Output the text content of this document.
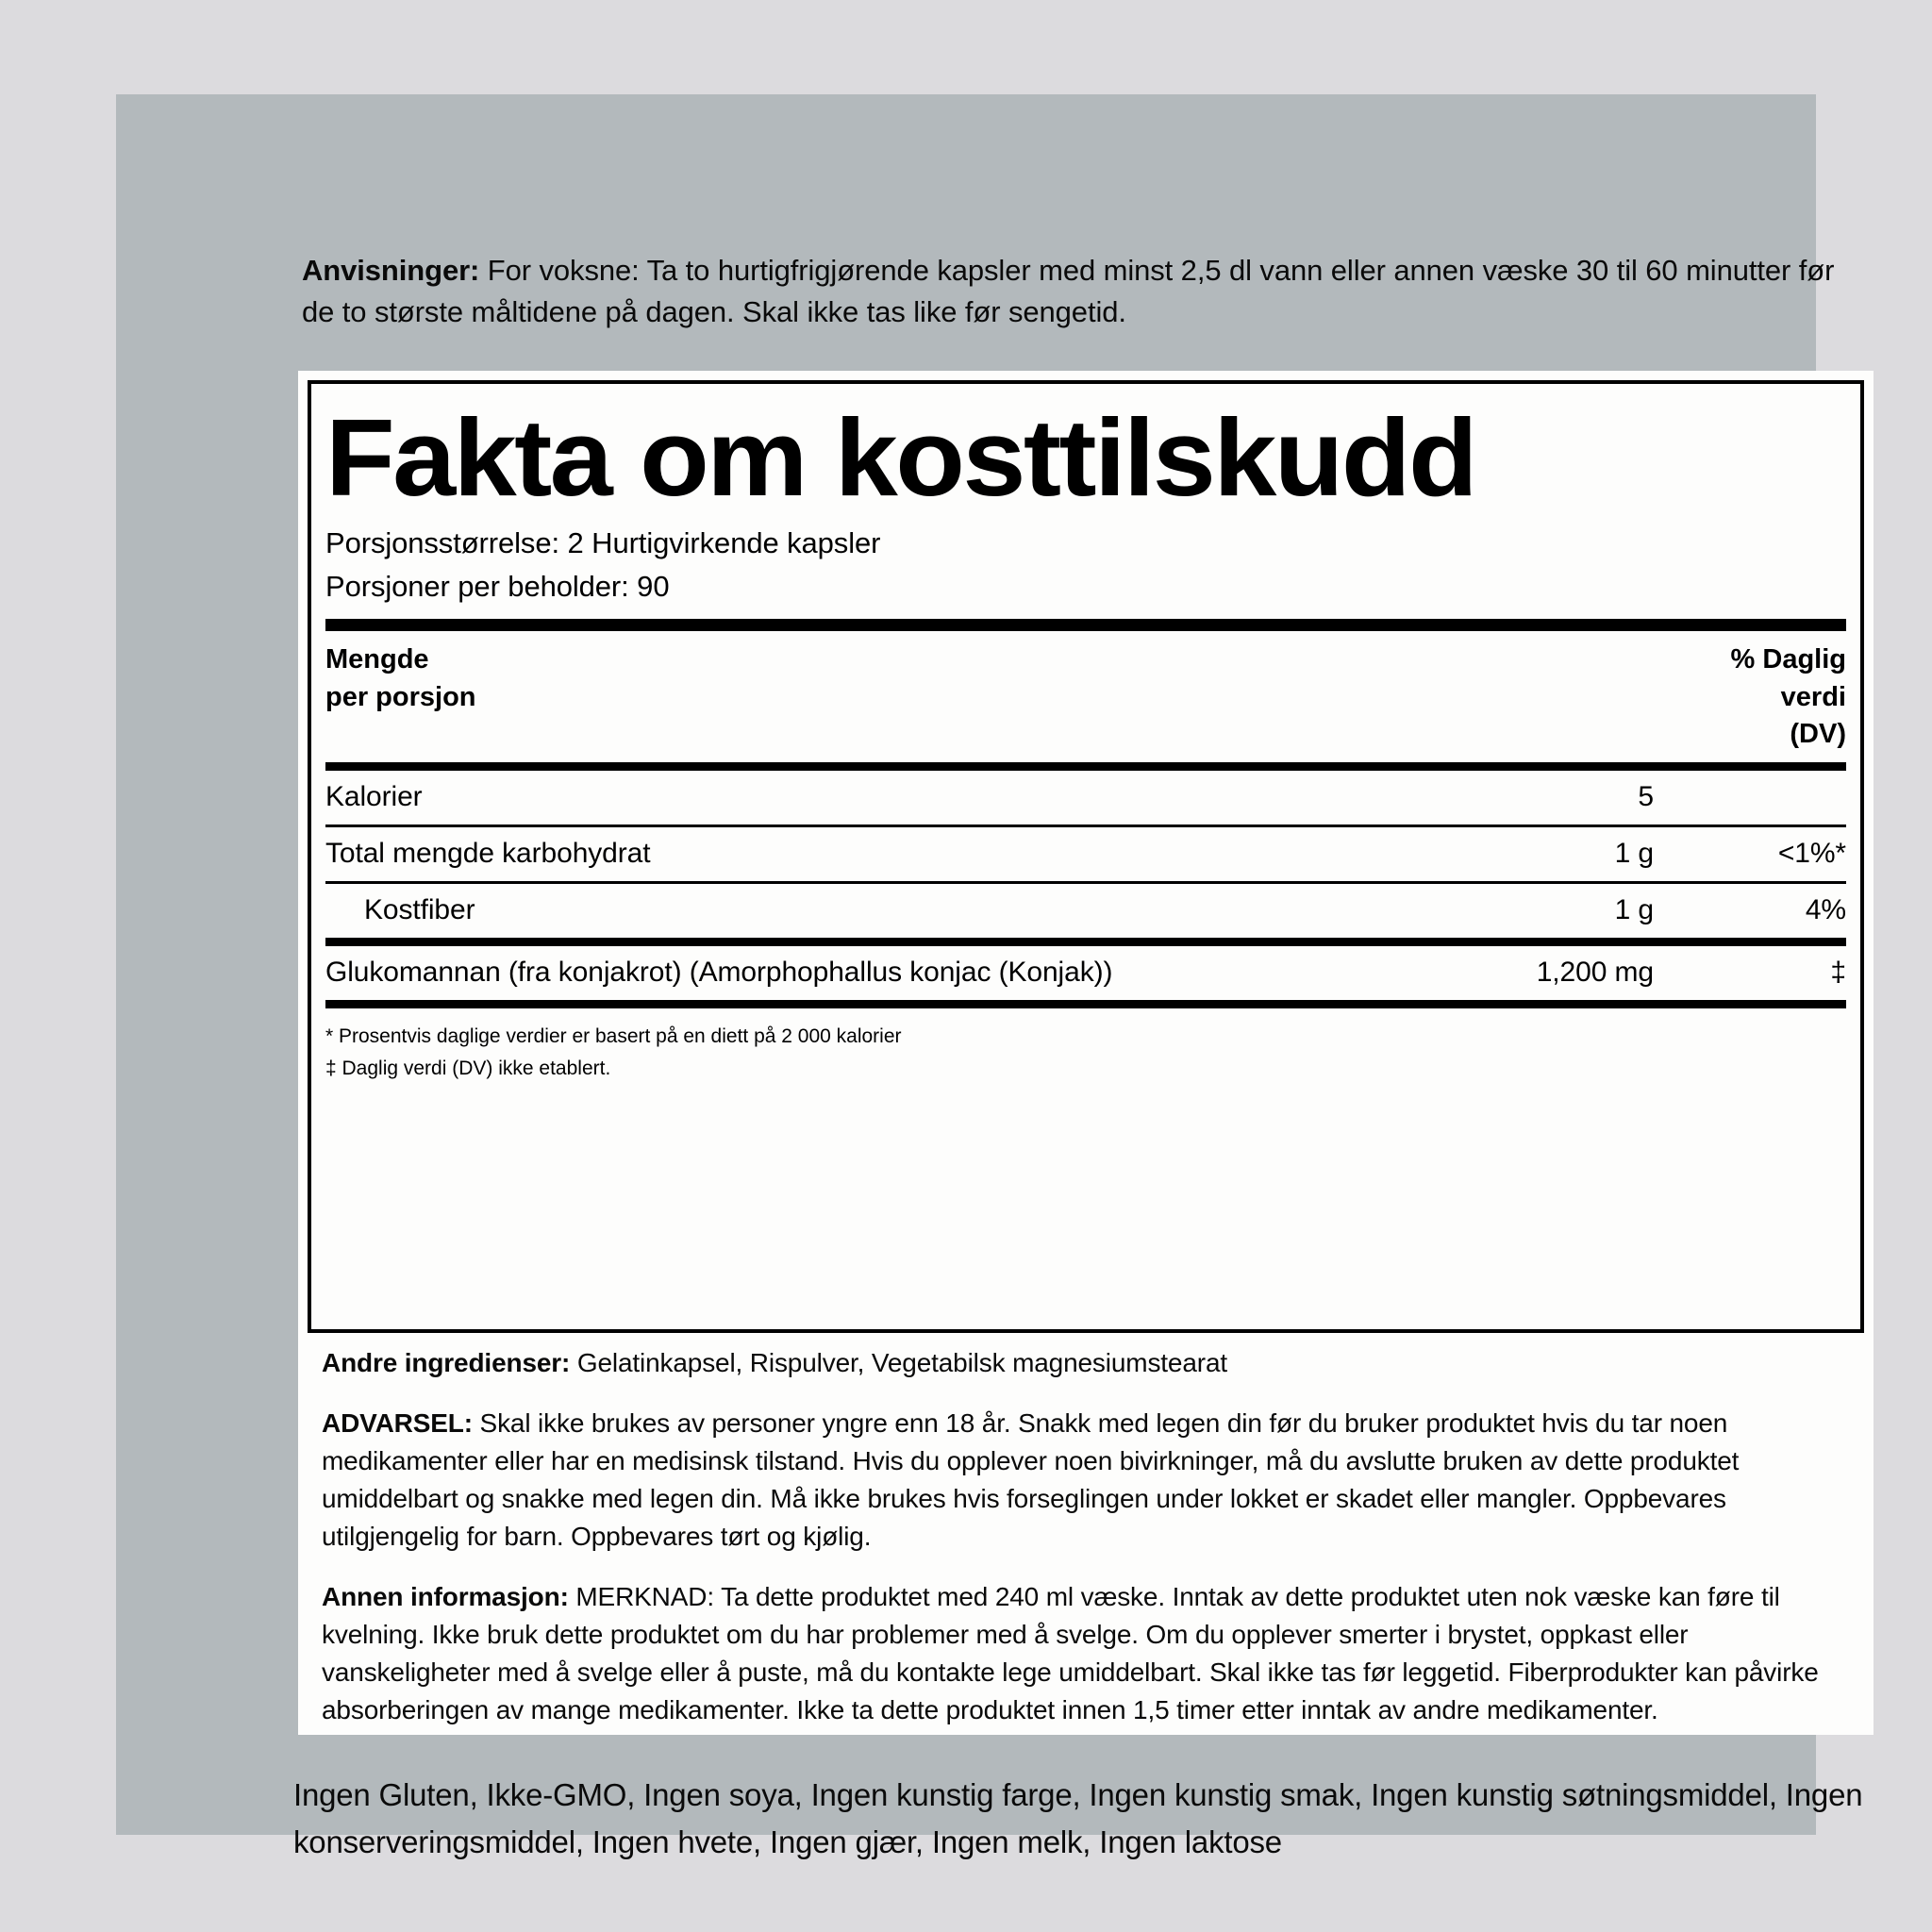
Anvisninger: For voksne: Ta to hurtigfrigjørende kapsler med minst 2,5 dl vann eller annen væske 30 til 60 minutter før de to største måltidene på dagen. Skal ikke tas like før sengetid.
Fakta om kosttilskudd
Porsjonsstørrelse: 2 Hurtigvirkende kapsler
Porsjoner per beholder: 90
Mengde
per porsjon
% Daglig
verdi
(DV)
Kalorier	5
Total mengde karbohydrat	1 g	<1%*
Kostfiber	1 g	4%
Glukomannan (fra konjakrot) (Amorphophallus konjac (Konjak))	1,200 mg	‡
* Prosentvis daglige verdier er basert på en diett på 2 000 kalorier
‡ Daglig verdi (DV) ikke etablert.
Andre ingredienser: Gelatinkapsel, Rispulver, Vegetabilsk magnesiumstearat
ADVARSEL: Skal ikke brukes av personer yngre enn 18 år. Snakk med legen din før du bruker produktet hvis du tar noen medikamenter eller har en medisinsk tilstand. Hvis du opplever noen bivirkninger, må du avslutte bruken av dette produktet umiddelbart og snakke med legen din. Må ikke brukes hvis forseglingen under lokket er skadet eller mangler. Oppbevares utilgjengelig for barn. Oppbevares tørt og kjølig.
Annen informasjon: MERKNAD: Ta dette produktet med 240 ml væske. Inntak av dette produktet uten nok væske kan føre til kvelning. Ikke bruk dette produktet om du har problemer med å svelge. Om du opplever smerter i brystet, oppkast eller vanskeligheter med å svelge eller å puste, må du kontakte lege umiddelbart. Skal ikke tas før leggetid. Fiberprodukter kan påvirke absorberingen av mange medikamenter. Ikke ta dette produktet innen 1,5 timer etter inntak av andre medikamenter.
Ingen Gluten, Ikke-GMO, Ingen soya, Ingen kunstig farge, Ingen kunstig smak, Ingen kunstig søtningsmiddel, Ingen konserveringsmiddel, Ingen hvete, Ingen gjær, Ingen melk, Ingen laktose
